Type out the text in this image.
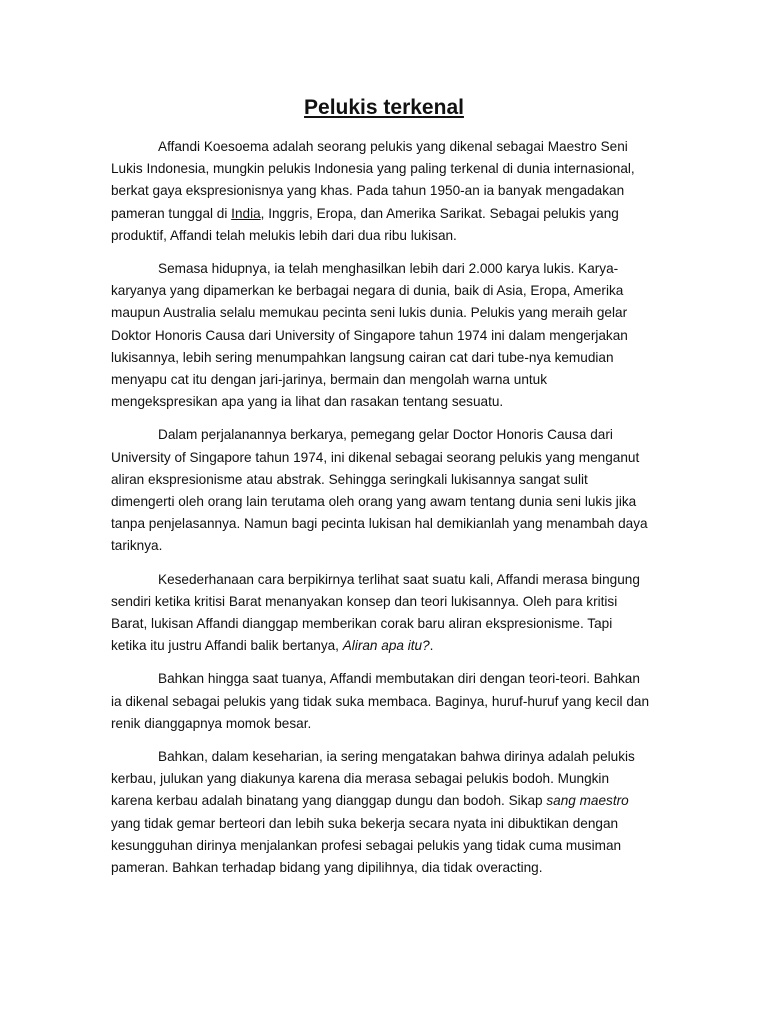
Pelukis terkenal

Affandi Koesoema adalah seorang pelukis yang dikenal sebagai Maestro Seni
Lukis Indonesia, mungkin pelukis Indonesia yang paling terkenal di dunia internasional,
berkat gaya ekspresionisnya yang khas. Pada tahun 1950-an ia banyak mengadakan
pameran tunggal di India, Inggris, Eropa, dan Amerika Sarikat. Sebagai pelukis yang
produktif, Affandi telah melukis lebih dari dua ribu lukisan.

Semasa hidupnya, ia telah menghasilkan lebih dari 2.000 karya lukis. Karya-
karyanya yang dipamerkan ke berbagai negara di dunia, baik di Asia, Eropa, Amerika
maupun Australia selalu memukau pecinta seni lukis dunia. Pelukis yang meraih gelar
Doktor Honoris Causa dari University of Singapore tahun 1974 ini dalam mengerjakan
lukisannya, lebih sering menumpahkan langsung cairan cat dari tube-nya kemudian
menyapu cat itu dengan jari-jarinya, bermain dan mengolah warna untuk
mengekspresikan apa yang ia lihat dan rasakan tentang sesuatu.

Dalam perjalanannya berkarya, pemegang gelar Doctor Honoris Causa dari
University of Singapore tahun 1974, ini dikenal sebagai seorang pelukis yang menganut
aliran ekspresionisme atau abstrak. Sehingga seringkali lukisannya sangat sulit
dimengerti oleh orang lain terutama oleh orang yang awam tentang dunia seni lukis jika
tanpa penjelasannya. Namun bagi pecinta lukisan hal demikianlah yang menambah daya
tariknya.

Kesederhanaan cara berpikirnya terlihat saat suatu kali, Affandi merasa bingung
sendiri ketika kritisi Barat menanyakan konsep dan teori lukisannya. Oleh para kritisi
Barat, lukisan Affandi dianggap memberikan corak baru aliran ekspresionisme. Tapi
ketika itu justru Affandi balik bertanya, Aliran apa itu?.

Bahkan hingga saat tuanya, Affandi membutakan diri dengan teori-teori. Bahkan
ia dikenal sebagai pelukis yang tidak suka membaca. Baginya, huruf-huruf yang kecil dan
renik dianggapnya momok besar.

Bahkan, dalam keseharian, ia sering mengatakan bahwa dirinya adalah pelukis
kerbau, julukan yang diakunya karena dia merasa sebagai pelukis bodoh. Mungkin
karena kerbau adalah binatang yang dianggap dungu dan bodoh. Sikap sang maestro
yang tidak gemar berteori dan lebih suka bekerja secara nyata ini dibuktikan dengan
kesungguhan dirinya menjalankan profesi sebagai pelukis yang tidak cuma musiman
pameran. Bahkan terhadap bidang yang dipilihnya, dia tidak overacting.
